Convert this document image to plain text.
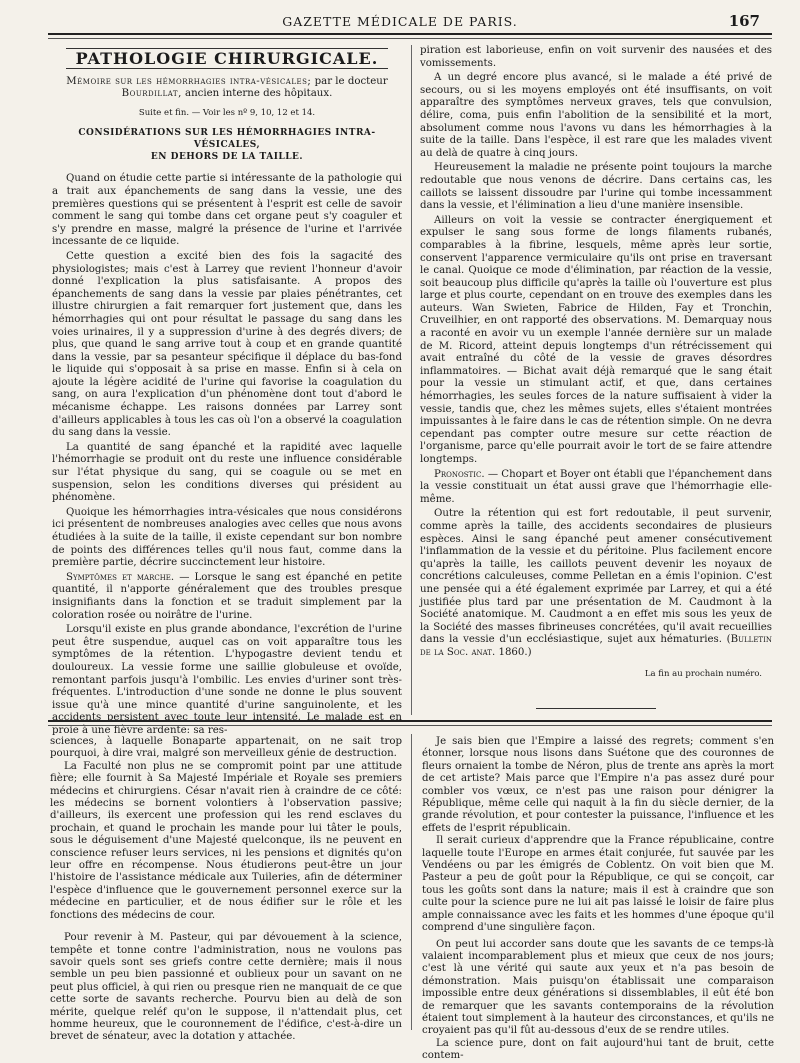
GAZETTE MÉDICALE DE PARIS.	167
PATHOLOGIE CHIRURGICALE.
Mémoire sur les hémorrhagies intra-vésicales; par le docteur Bourdillat, ancien interne des hôpitaux.
Suite et fin. — Voir les nº 9, 10, 12 et 14.
CONSIDÉRATIONS SUR LES HÉMORRHAGIES INTRA-VÉSICALES,
EN DEHORS DE LA TAILLE.

Quand on étudie cette partie si intéressante de la pathologie qui a trait aux épanchements de sang dans la vessie, une des premières questions qui se présentent à l'esprit est celle de savoir comment le sang qui tombe dans cet organe peut s'y coaguler et s'y prendre en masse, malgré la présence de l'urine et l'arrivée incessante de ce liquide.

Cette question a excité bien des fois la sagacité des physiologistes; mais c'est à Larrey que revient l'honneur d'avoir donné l'explication la plus satisfaisante. A propos des épanchements de sang dans la vessie par plaies pénétrantes, cet illustre chirurgien a fait remarquer fort justement que, dans les hémorrhagies qui ont pour résultat le passage du sang dans les voies urinaires, il y a suppression d'urine à des degrés divers; de plus, que quand le sang arrive tout à coup et en grande quantité dans la vessie, par sa pesanteur spécifique il déplace du bas-fond le liquide qui s'opposait à sa prise en masse. Enfin si à cela on ajoute la légère acidité de l'urine qui favorise la coagulation du sang, on aura l'explication d'un phénomène dont tout d'abord le mécanisme échappe. Les raisons données par Larrey sont d'ailleurs applicables à tous les cas où l'on a observé la coagulation du sang dans la vessie.

La quantité de sang épanché et la rapidité avec laquelle l'hémorrhagie se produit ont du reste une influence considérable sur l'état physique du sang, qui se coagule ou se met en suspension, selon les conditions diverses qui président au phénomène.

Quoique les hémorrhagies intra-vésicales que nous considérons ici présentent de nombreuses analogies avec celles que nous avons étudiées à la suite de la taille, il existe cependant sur bon nombre de points des différences telles qu'il nous faut, comme dans la première partie, décrire succinctement leur histoire.

Symptômes et marche. — Lorsque le sang est épanché en petite quantité, il n'apporte généralement que des troubles presque insignifiants dans la fonction et se traduit simplement par la coloration rosée ou noirâtre de l'urine.

Lorsqu'il existe en plus grande abondance, l'excrétion de l'urine peut être suspendue, auquel cas on voit apparaître tous les symptômes de la rétention. L'hypogastre devient tendu et douloureux. La vessie forme une saillie globuleuse et ovoïde, remontant parfois jusqu'à l'ombilic. Les envies d'uriner sont très-fréquentes. L'introduction d'une sonde ne donne le plus souvent issue qu'à une mince quantité d'urine sanguinolente, et les accidents persistent avec toute leur intensité. Le malade est en proie à une fièvre ardente: sa res-

piration est laborieuse, enfin on voit survenir des nausées et des vomissements.

A un degré encore plus avancé, si le malade a été privé de secours, ou si les moyens employés ont été insuffisants, on voit apparaître des symptômes nerveux graves, tels que convulsion, délire, coma, puis enfin l'abolition de la sensibilité et la mort, absolument comme nous l'avons vu dans les hémorrhagies à la suite de la taille. Dans l'espèce, il est rare que les malades vivent au delà de quatre à cinq jours.

Heureusement la maladie ne présente point toujours la marche redoutable que nous venons de décrire. Dans certains cas, les caillots se laissent dissoudre par l'urine qui tombe incessamment dans la vessie, et l'élimination a lieu d'une manière insensible.

Ailleurs on voit la vessie se contracter énergiquement et expulser le sang sous forme de longs filaments rubanés, comparables à la fibrine, lesquels, même après leur sortie, conservent l'apparence vermiculaire qu'ils ont prise en traversant le canal. Quoique ce mode d'élimination, par réaction de la vessie, soit beaucoup plus difficile qu'après la taille où l'ouverture est plus large et plus courte, cependant on en trouve des exemples dans les auteurs. Wan Swieten, Fabrice de Hilden, Fay et Tronchin, Cruveilhier, en ont rapporté des observations. M. Demarquay nous a raconté en avoir vu un exemple l'année dernière sur un malade de M. Ricord, atteint depuis longtemps d'un rétrécissement qui avait entraîné du côté de la vessie de graves désordres inflammatoires. — Bichat avait déjà remarqué que le sang était pour la vessie un stimulant actif, et que, dans certaines hémorrhagies, les seules forces de la nature suffisaient à vider la vessie, tandis que, chez les mêmes sujets, elles s'étaient montrées impuissantes à le faire dans le cas de rétention simple. On ne devra cependant pas compter outre mesure sur cette réaction de l'organisme, parce qu'elle pourrait avoir le tort de se faire attendre longtemps.

Pronostic. — Chopart et Boyer ont établi que l'épanchement dans la vessie constituait un état aussi grave que l'hémorrhagie elle-même.

Outre la rétention qui est fort redoutable, il peut survenir, comme après la taille, des accidents secondaires de plusieurs espèces. Ainsi le sang épanché peut amener consécutivement l'inflammation de la vessie et du péritoine. Plus facilement encore qu'après la taille, les caillots peuvent devenir les noyaux de concrétions calculeuses, comme Pelletan en a émis l'opinion. C'est une pensée qui a été également exprimée par Larrey, et qui a été justifiée plus tard par une présentation de M. Caudmont à la Société anatomique. M. Caudmont a en effet mis sous les yeux de la Société des masses fibrineuses concrétées, qu'il avait recueillies dans la vessie d'un ecclésiastique, sujet aux hématuries. (Bulletin de la Soc. anat. 1860.)

La fin au prochain numéro.

sciences, à laquelle Bonaparte appartenait, on ne sait trop pourquoi, à dire vrai, malgré son merveilleux génie de destruction.

La Faculté non plus ne se compromit point par une attitude fière; elle fournit à Sa Majesté Impériale et Royale ses premiers médecins et chirurgiens. César n'avait rien à craindre de ce côté: les médecins se bornent volontiers à l'observation passive; d'ailleurs, ils exercent une profession qui les rend esclaves du prochain, et quand le prochain les mande pour lui tâter le pouls, sous le déguisement d'une Majesté quelconque, ils ne peuvent en conscience refuser leurs services, ni les pensions et dignités qu'on leur offre en récompense. Nous étudierons peut-être un jour l'histoire de l'assistance médicale aux Tuileries, afin de déterminer l'espèce d'influence que le gouvernement personnel exerce sur la médecine en particulier, et de nous édifier sur le rôle et les fonctions des médecins de cour.

Pour revenir à M. Pasteur, qui par dévouement à la science, tempête et tonne contre l'administration, nous ne voulons pas savoir quels sont ses griefs contre cette dernière; mais il nous semble un peu bien passionné et oublieux pour un savant on ne peut plus officiel, à qui rien ou presque rien ne manquait de ce que cette sorte de savants recherche. Pourvu bien au delà de son mérite, quelque reléf qu'on le suppose, il n'attendait plus, cet homme heureux, que le couronnement de l'édifice, c'est-à-dire un brevet de sénateur, avec la dotation y attachée.

Je sais bien que l'Empire a laissé des regrets; comment s'en étonner, lorsque nous lisons dans Suétone que des couronnes de fleurs ornaient la tombe de Néron, plus de trente ans après la mort de cet artiste? Mais parce que l'Empire n'a pas assez duré pour combler vos vœux, ce n'est pas une raison pour dénigrer la République, même celle qui naquit à la fin du siècle dernier, de la grande révolution, et pour contester la puissance, l'influence et les effets de l'esprit républicain.

Il serait curieux d'apprendre que la France républicaine, contre laquelle toute l'Europe en armes était conjurée, fut sauvée par les Vendéens ou par les émigrés de Coblentz. On voit bien que M. Pasteur a peu de goût pour la République, ce qui se conçoit, car tous les goûts sont dans la nature; mais il est à craindre que son culte pour la science pure ne lui ait pas laissé le loisir de faire plus ample connaissance avec les faits et les hommes d'une époque qu'il comprend d'une singulière façon.

On peut lui accorder sans doute que les savants de ce temps-là valaient incomparablement plus et mieux que ceux de nos jours; c'est là une vérité qui saute aux yeux et n'a pas besoin de démonstration. Mais puisqu'on établissait une comparaison impossible entre deux générations si dissemblables, il eût été bon de remarquer que les savants contemporains de la révolution étaient tout simplement à la hauteur des circonstances, et qu'ils ne croyaient pas qu'il fût au-dessous d'eux de se rendre utiles.

La science pure, dont on fait aujourd'hui tant de bruit, cette contem-
